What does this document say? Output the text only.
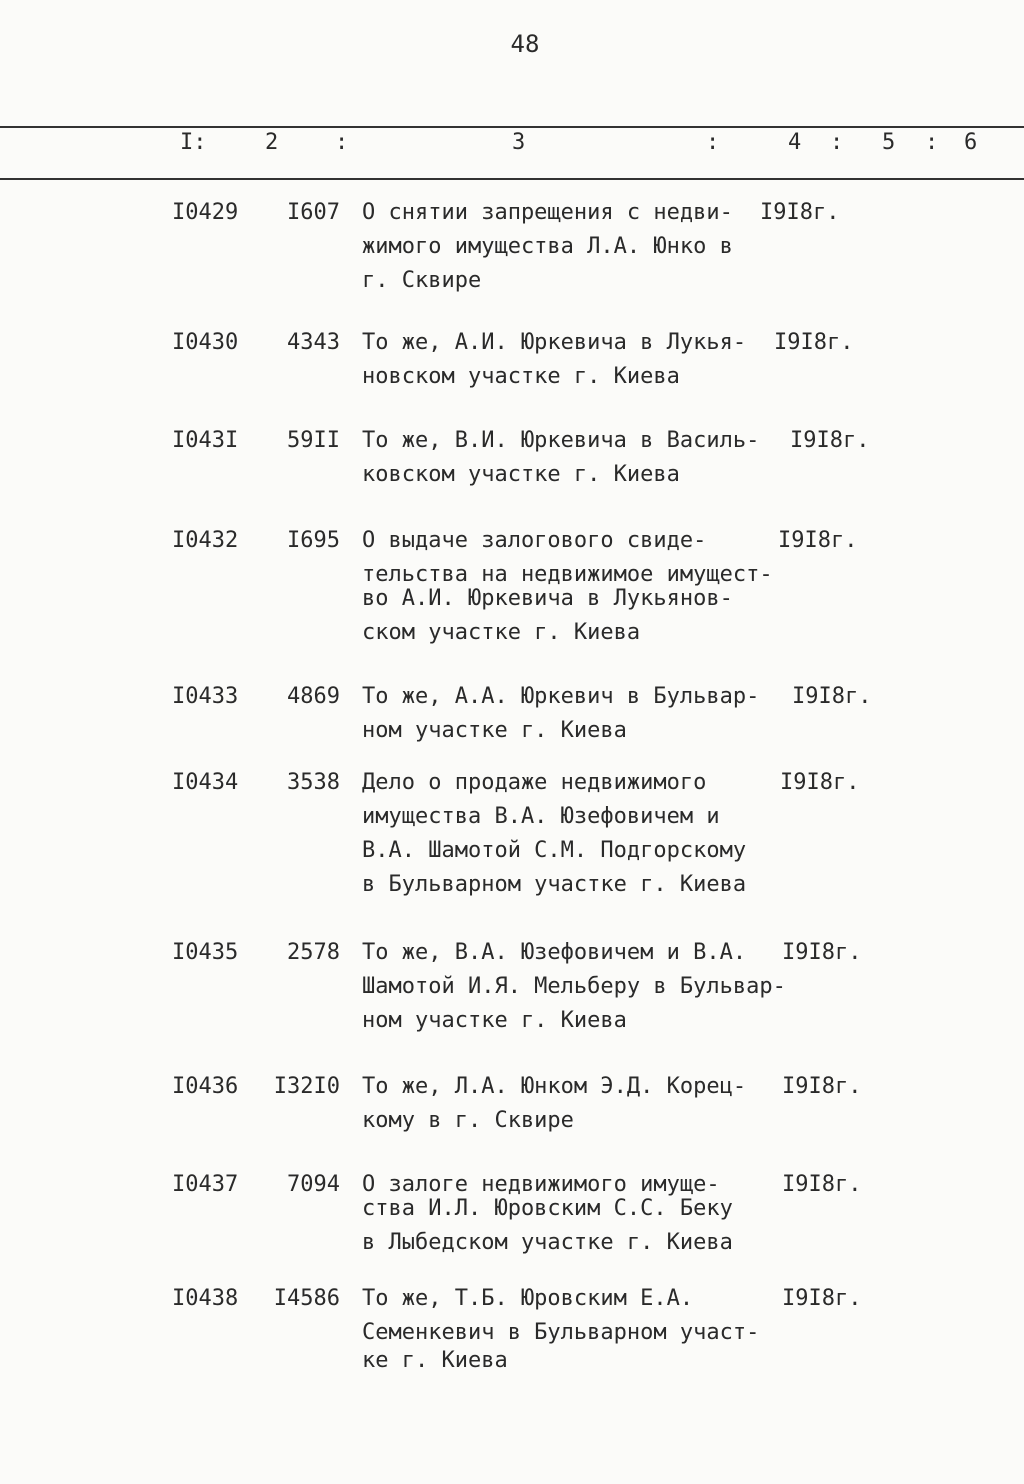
48
I:	2	:	3	:	4 : 5 : 6
I0429	I607 О снятии запрещения с недви-
жимого имущества Л.А. Юнко в
г. Сквире
I9I8г.
I0430	4343 То же, А.И. Юркевича в Лукья-
новском участке г. Киева
I9I8г.
I043I	59II То же, В.И. Юркевича в Василь-
ковском участке г. Киева
I9I8г.
I0432	I695 О выдаче залогового свиде-
тельства на недвижимое имущест-
во А.И. Юркевича в Лукьянов-
ском участке г. Киева
I9I8г.
I0433	4869 То же, А.А. Юркевич в Бульвар-
ном участке г. Киева
I9I8г.
I0434	3538 Дело о продаже недвижимого
имущества В.А. Юзефовичем и
В.А. Шамотой С.М. Подгорскому
в Бульварном участке г. Киева
I9I8г.
I0435	2578 То же, В.А. Юзефовичем и В.А.
Шамотой И.Я. Мельберу в Бульвар-
ном участке г. Киева
I9I8г.
I0436 I32I0 То же, Л.А. Юнком Э.Д. Корец-
кому в г. Сквире
I9I8г.
I0437	7094 О залоге недвижимого имуще-
ства И.Л. Юровским С.С. Беку
в Лыбедском участке г. Киева
I9I8г.
I0438 I4586 То же, Т.Б. Юровским Е.А.
Семенкевич в Бульварном участ-
ке г. Киева
I9I8г.
